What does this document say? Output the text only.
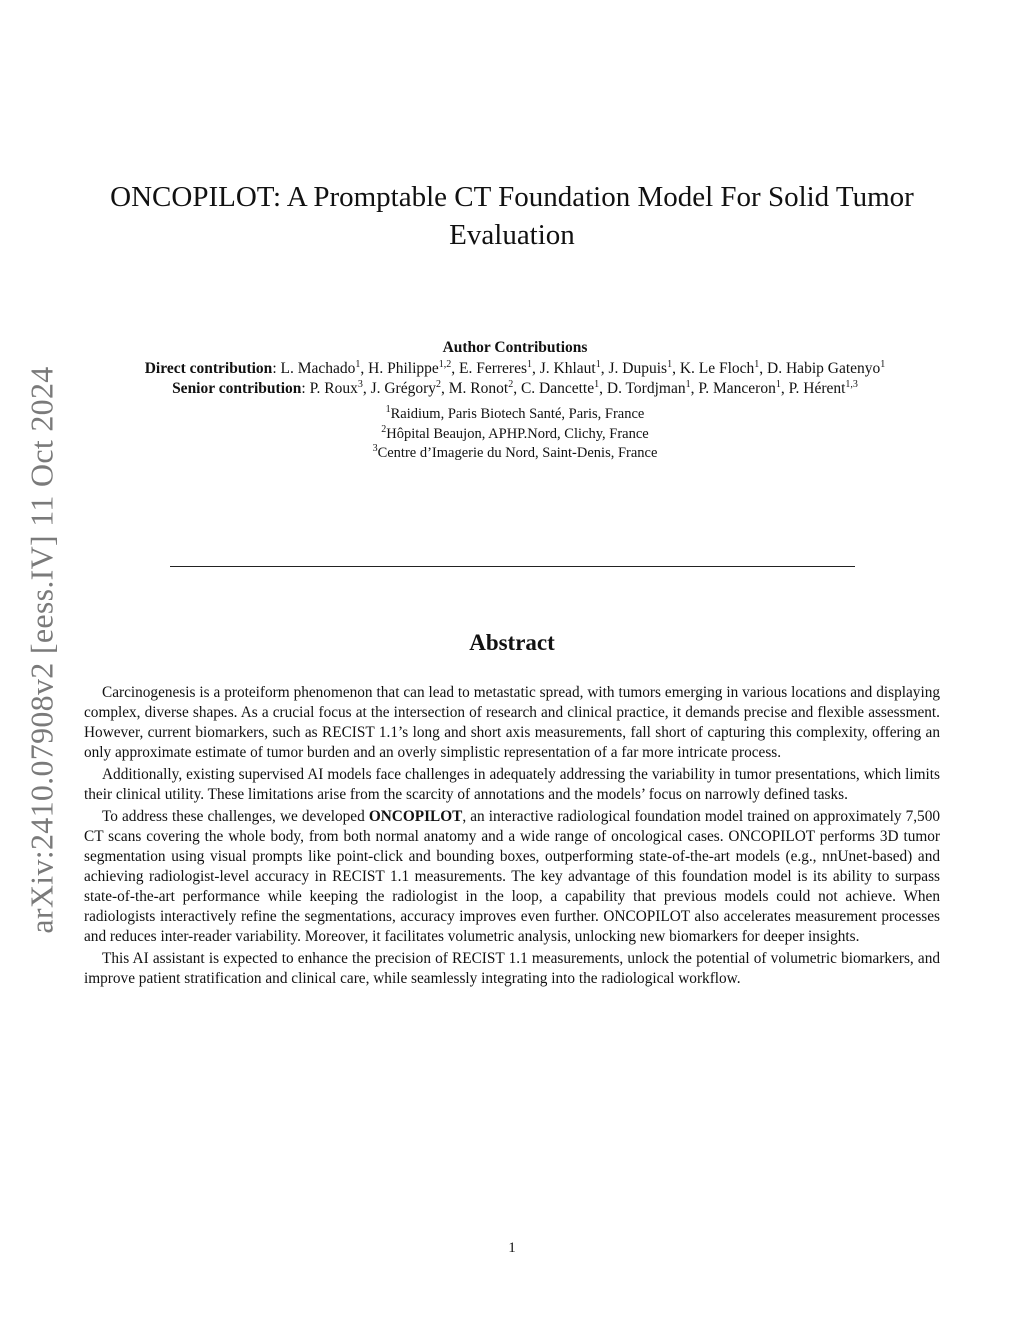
arXiv:2410.07908v2 [eess.IV] 11 Oct 2024
ONCOPILOT: A Promptable CT Foundation Model For Solid Tumor Evaluation
Author Contributions
Direct contribution: L. Machado$^1$, H. Philippe$^{1,2}$, E. Ferreres$^1$, J. Khlaut$^1$, J. Dupuis$^1$, K. Le Floch$^1$, D. Habip Gatenyo$^1$
Senior contribution: P. Roux$^3$, J. Grégory$^2$, M. Ronot$^2$, C. Dancette$^1$, D. Tordjman$^1$, P. Manceron$^1$, P. Hérent$^{1,3}$
$^1$Raidium, Paris Biotech Santé, Paris, France
$^2$Hôpital Beaujon, APHP.Nord, Clichy, France
$^3$Centre d’Imagerie du Nord, Saint-Denis, France
Abstract

Carcinogenesis is a proteiform phenomenon that can lead to metastatic spread, with tumors emerging in various locations and displaying complex, diverse shapes. As a crucial focus at the intersection of research and clinical practice, it demands precise and flexible assessment. However, current biomarkers, such as RECIST 1.1’s long and short axis measurements, fall short of capturing this complexity, offering an only approximate estimate of tumor burden and an overly simplistic representation of a far more intricate process.

Additionally, existing supervised AI models face challenges in adequately addressing the variability in tumor presentations, which limits their clinical utility. These limitations arise from the scarcity of annotations and the models’ focus on narrowly defined tasks.

To address these challenges, we developed ONCOPILOT, an interactive radiological foundation model trained on approximately 7,500 CT scans covering the whole body, from both normal anatomy and a wide range of oncological cases. ONCOPILOT performs 3D tumor segmentation using visual prompts like point-click and bounding boxes, outperforming state-of-the-art models (e.g., nnUnet-based) and achieving radiologist-level accuracy in RECIST 1.1 measurements. The key advantage of this foundation model is its ability to surpass state-of-the-art performance while keeping the radiologist in the loop, a capability that previous models could not achieve. When radiologists interactively refine the segmentations, accuracy improves even further. ONCOPILOT also accelerates measurement processes and reduces inter-reader variability. Moreover, it facilitates volumetric analysis, unlocking new biomarkers for deeper insights.

This AI assistant is expected to enhance the precision of RECIST 1.1 measurements, unlock the potential of volumetric biomarkers, and improve patient stratification and clinical care, while seamlessly integrating into the radiological workflow.

1
